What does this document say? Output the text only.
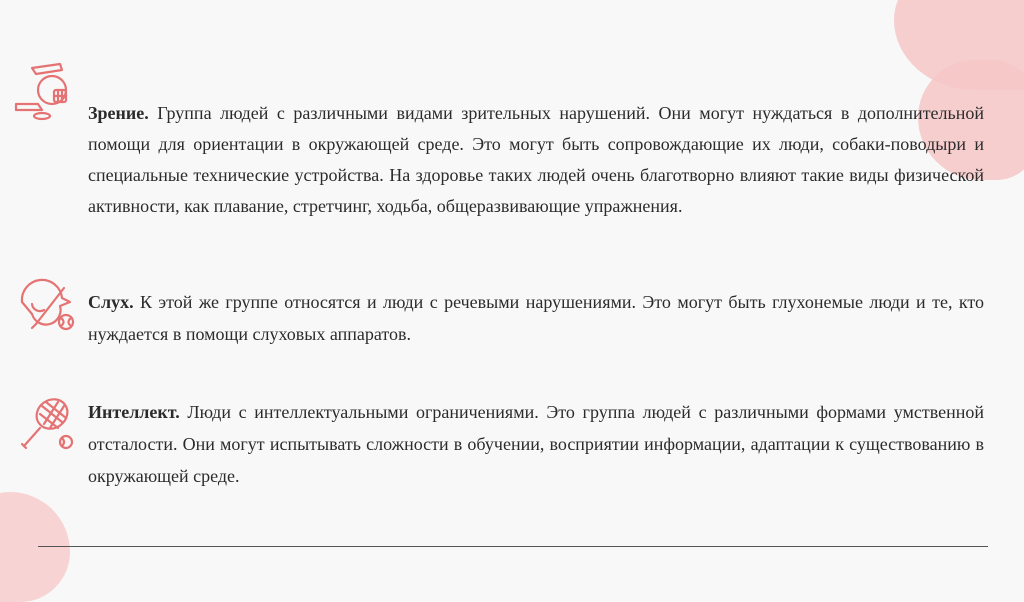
Зрение. Группа людей с различными видами зрительных нарушений. Они могут нуждаться в дополнительной помощи для ориентации в окружающей среде. Это могут быть сопровождающие их люди, собаки-поводыри и специальные технические устройства. На здоровье таких людей очень благотворно влияют такие виды физической активности, как плавание, стретчинг, ходьба, общеразвивающие упражнения.

Слух. К этой же группе относятся и люди с речевыми нарушениями. Это могут быть глухонемые люди и те, кто нуждается в помощи слуховых аппаратов.

Интеллект. Люди с интеллектуальными ограничениями. Это группа людей с различными формами умственной отсталости. Они могут испытывать сложности в обучении, восприятии информации, адаптации к существованию в окружающей среде.
